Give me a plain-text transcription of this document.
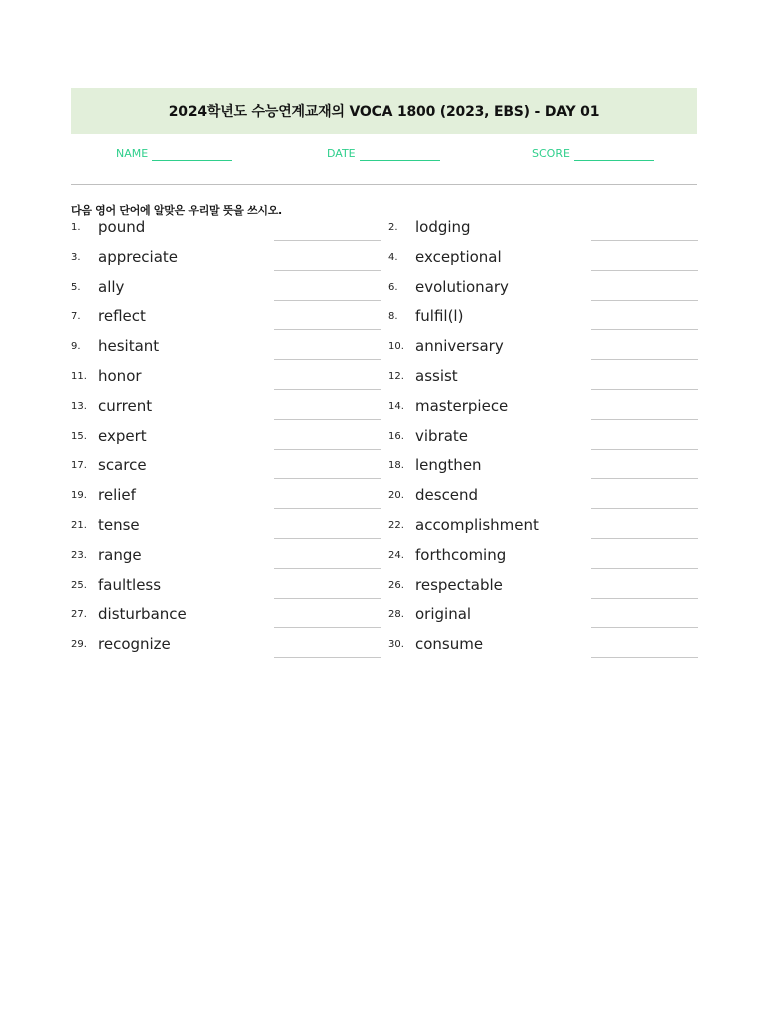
2024학년도 수능연계교재의 VOCA 1800 (2023, EBS) - DAY 01
NAME	DATE	SCORE
다음 영어 단어에 알맞은 우리말 뜻을 쓰시오.
1. pound	2. lodging
3. appreciate	4. exceptional
5. ally	6. evolutionary
7. reflect	8. fulfil(l)
9. hesitant	10. anniversary
11. honor	12. assist
13. current	14. masterpiece
15. expert	16. vibrate
17. scarce	18. lengthen
19. relief	20. descend
21. tense	22. accomplishment
23. range	24. forthcoming
25. faultless	26. respectable
27. disturbance	28. original
29. recognize	30. consume
